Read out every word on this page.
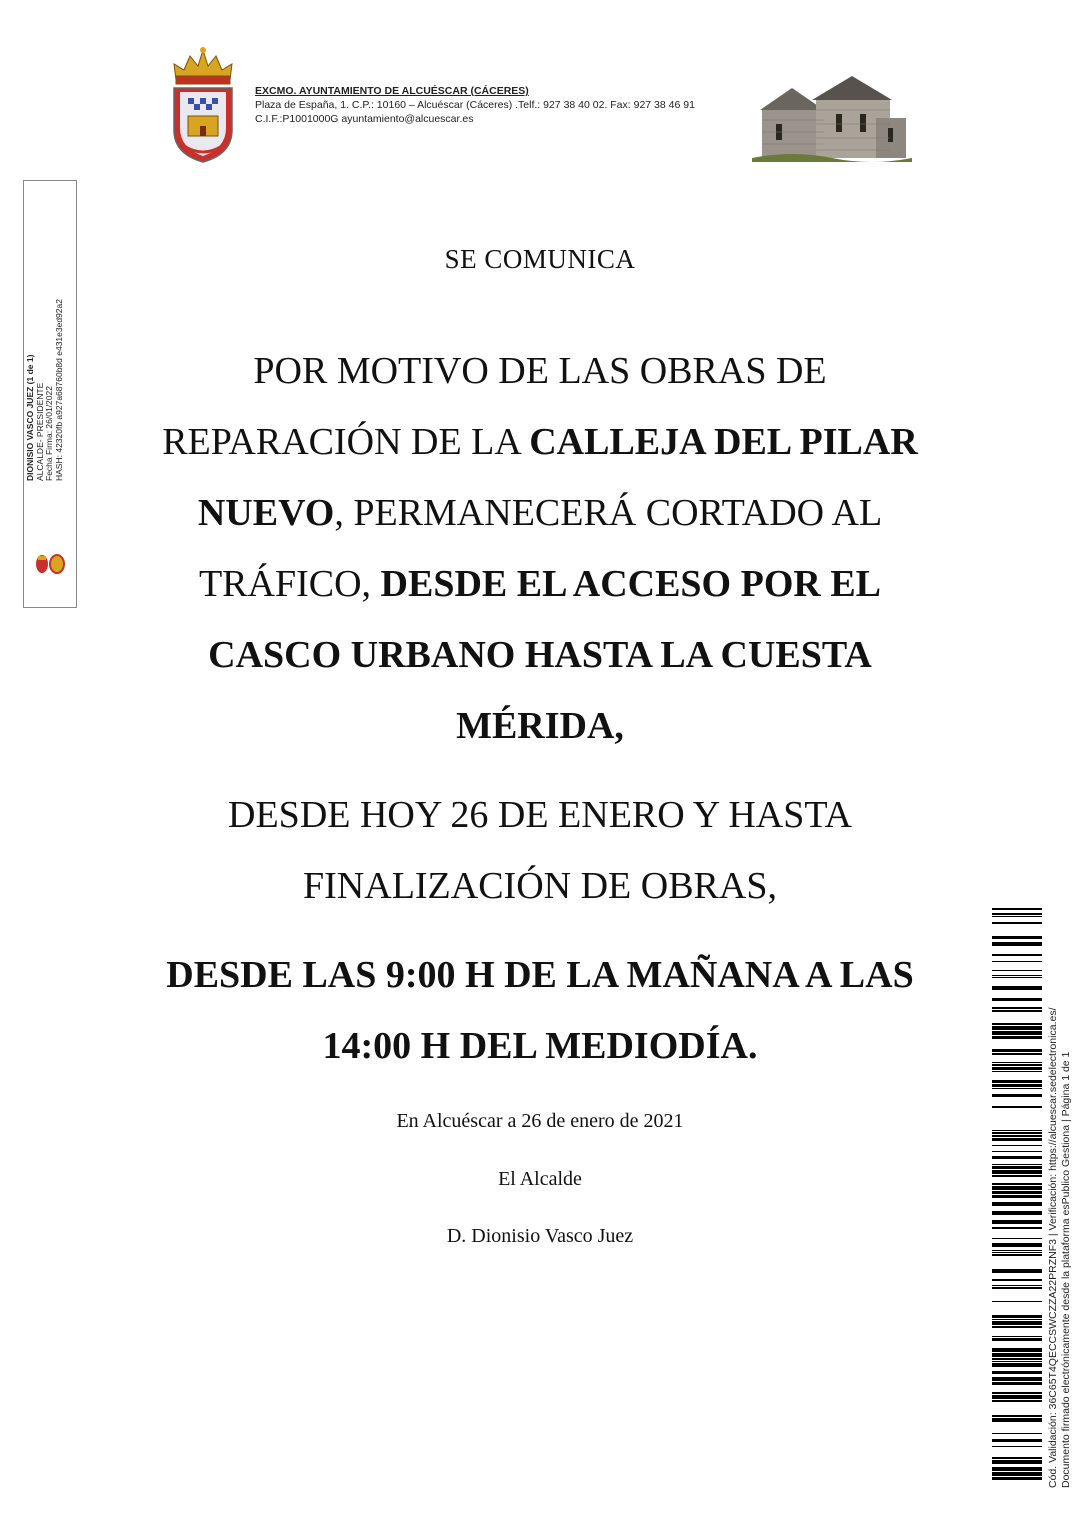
EXCMO. AYUNTAMIENTO DE ALCUÉSCAR (CÁCERES)
Plaza de España, 1. C.P.: 10160 – Alcuéscar (Cáceres) .Telf.: 927 38 40 02. Fax: 927 38 46 91
C.I.F.:P1001000G ayuntamiento@alcuescar.es
DIONISIO VASCO JUEZ (1 de 1) ALCALDE- PRESIDENTE Fecha Firma: 26/01/2022 HASH: 42320fb a927a68760b8d e431e3ed92a2
SE COMUNICA
POR MOTIVO DE LAS OBRAS DE REPARACIÓN DE LA CALLEJA DEL PILAR NUEVO, PERMANECERÁ CORTADO AL TRÁFICO, DESDE EL ACCESO POR EL CASCO URBANO HASTA LA CUESTA MÉRIDA,
DESDE HOY 26 DE ENERO Y HASTA FINALIZACIÓN DE OBRAS,
DESDE LAS 9:00 H DE LA MAÑANA A LAS 14:00 H DEL MEDIODÍA.
En Alcuéscar a 26 de enero de 2021
El Alcalde
D. Dionisio Vasco Juez	Cód. Validación: 36C65T4QECCSWCZZA22PRZNF3 | Verificación: https://alcuescar.sedelectronica.es/ Documento firmado electrónicamente desde la plataforma esPublico Gestiona | Página 1 de 1
